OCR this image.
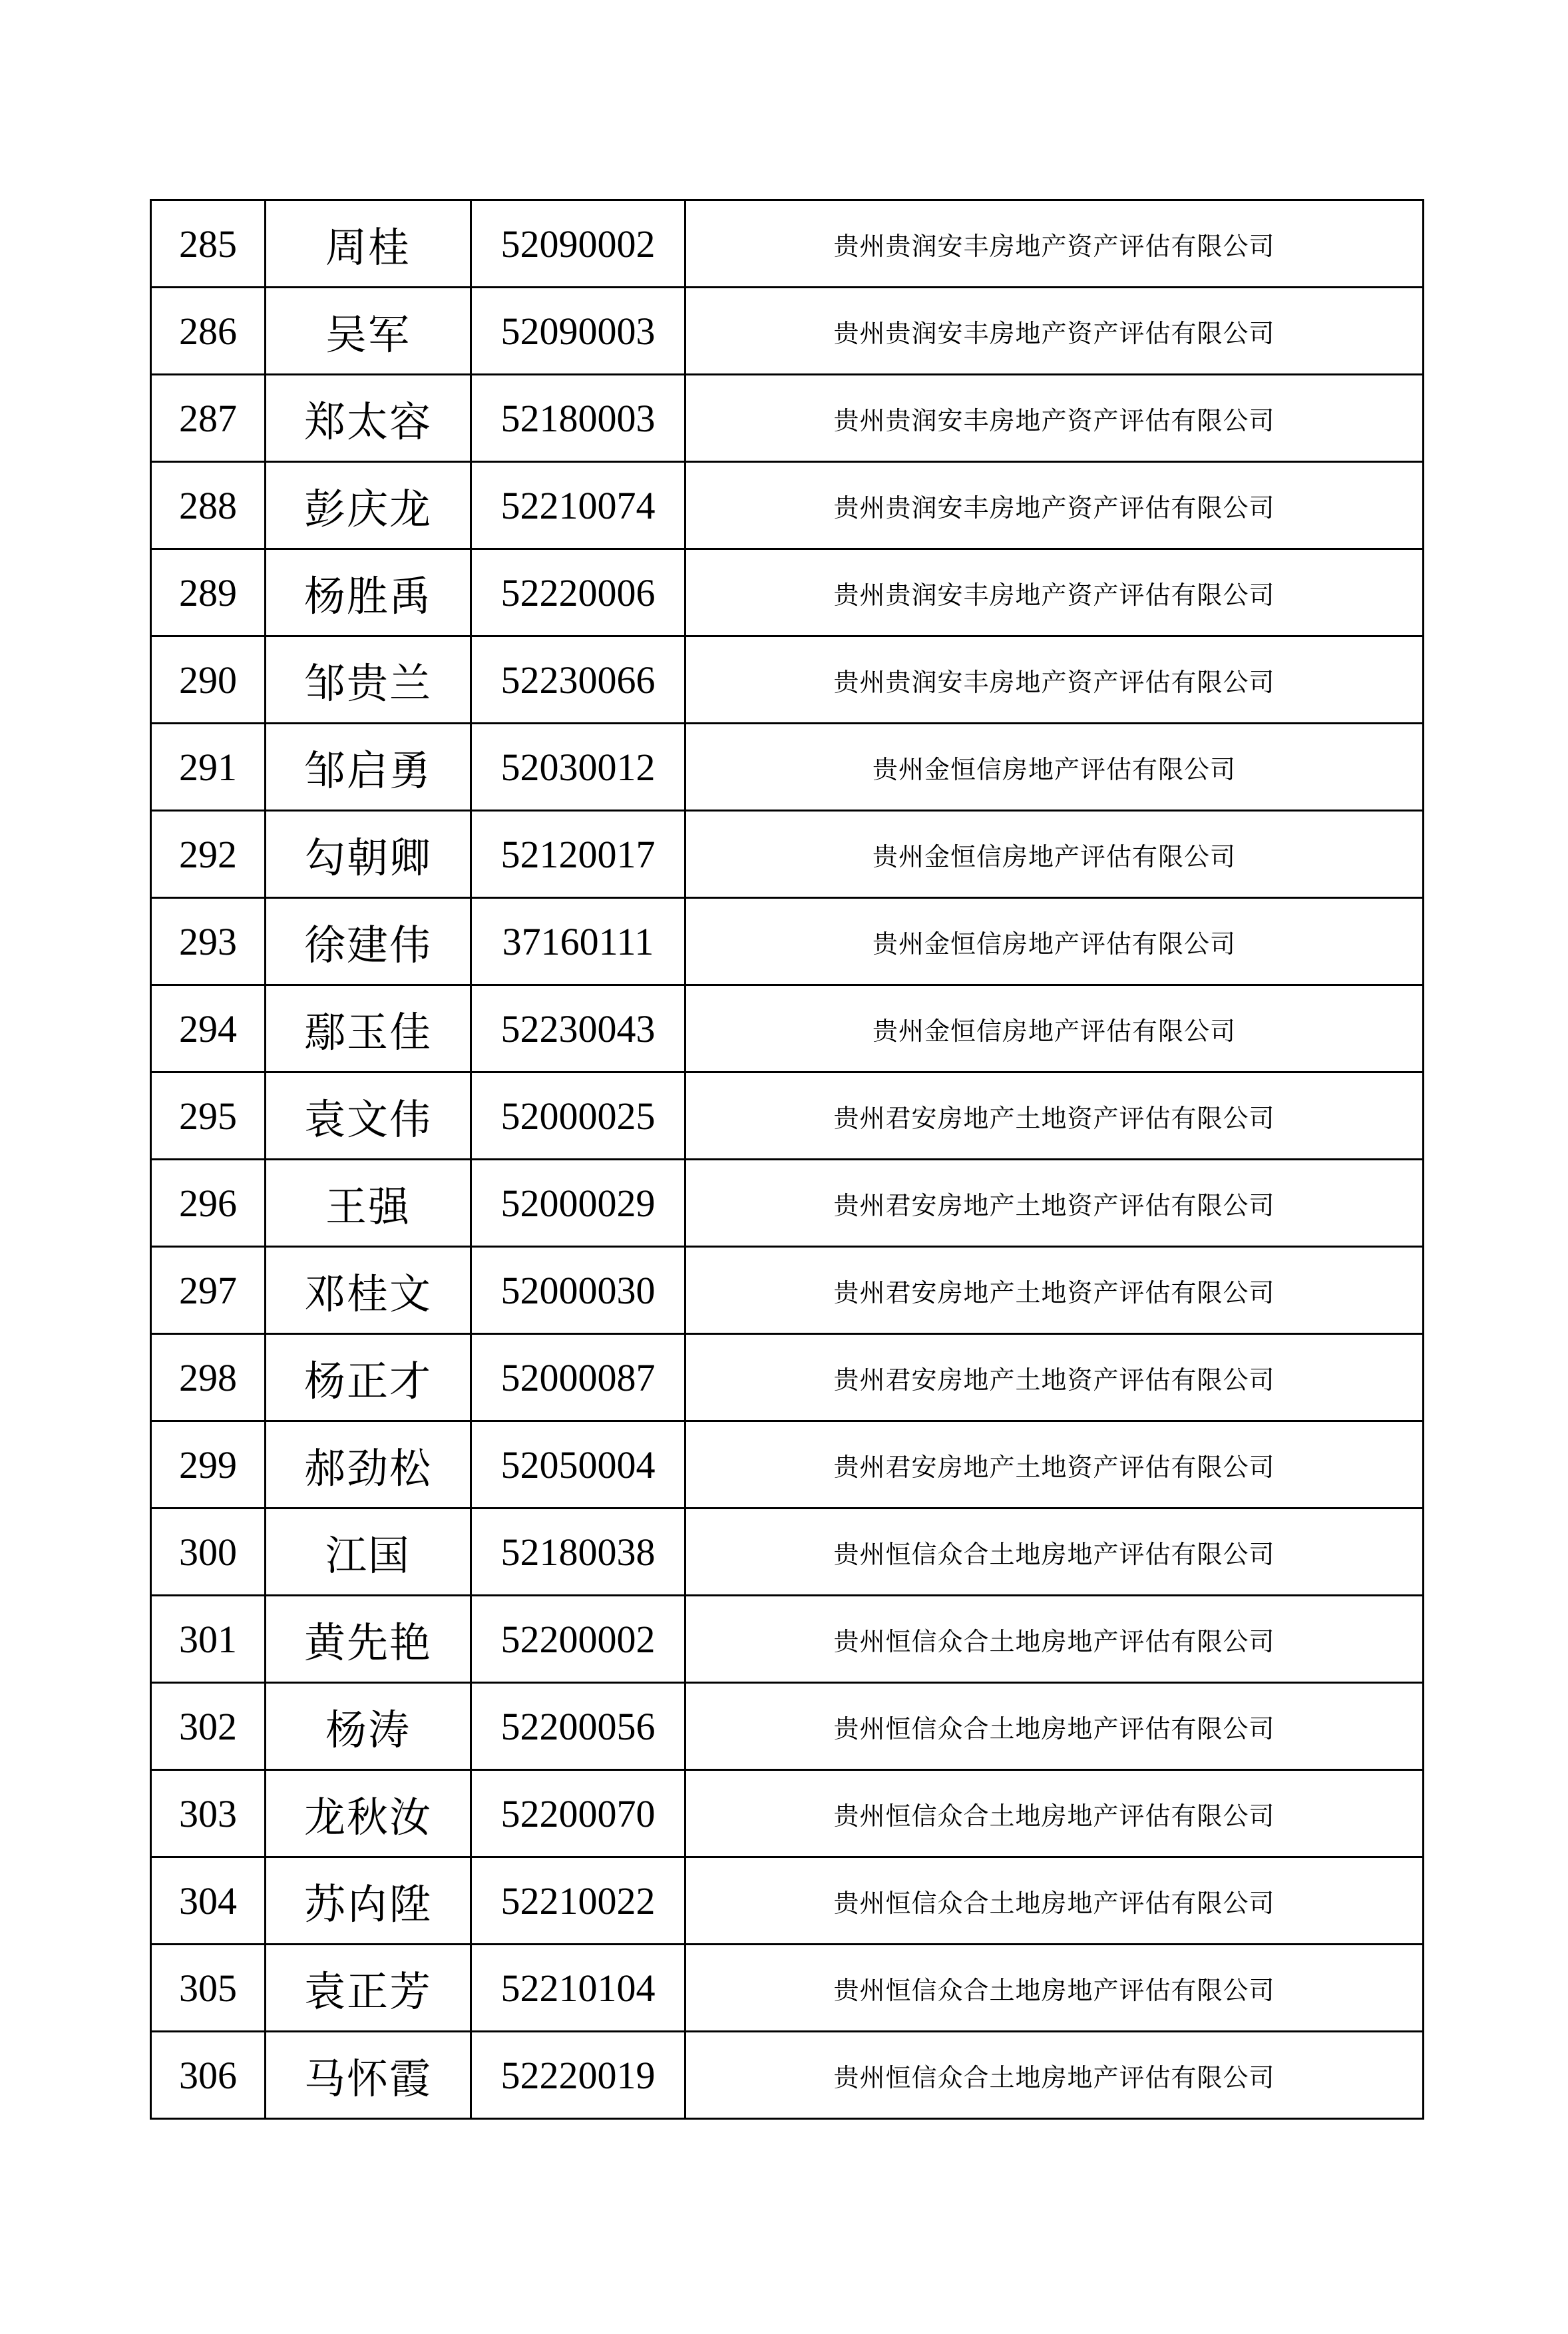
285	周桂	52090002	贵州贵润安丰房地产资产评估有限公司
286	吴军	52090003	贵州贵润安丰房地产资产评估有限公司
287	郑太容	52180003	贵州贵润安丰房地产资产评估有限公司
288	彭庆龙	52210074	贵州贵润安丰房地产资产评估有限公司
289	杨胜禹	52220006	贵州贵润安丰房地产资产评估有限公司
290	邹贵兰	52230066	贵州贵润安丰房地产资产评估有限公司
291	邹启勇	52030012	贵州金恒信房地产评估有限公司
292	勾朝卿	52120017	贵州金恒信房地产评估有限公司
293	徐建伟	37160111	贵州金恒信房地产评估有限公司
294	鄢玉佳	52230043	贵州金恒信房地产评估有限公司
295	袁文伟	52000025	贵州君安房地产土地资产评估有限公司
296	王强	52000029	贵州君安房地产土地资产评估有限公司
297	邓桂文	52000030	贵州君安房地产土地资产评估有限公司
298	杨正才	52000087	贵州君安房地产土地资产评估有限公司
299	郝劲松	52050004	贵州君安房地产土地资产评估有限公司
300	江国	52180038	贵州恒信众合土地房地产评估有限公司
301	黄先艳	52200002	贵州恒信众合土地房地产评估有限公司
302	杨涛	52200056	贵州恒信众合土地房地产评估有限公司
303	龙秋汝	52200070	贵州恒信众合土地房地产评估有限公司
304	苏禸陞	52210022	贵州恒信众合土地房地产评估有限公司
305	袁正芳	52210104	贵州恒信众合土地房地产评估有限公司
306	马怀霞	52220019	贵州恒信众合土地房地产评估有限公司
